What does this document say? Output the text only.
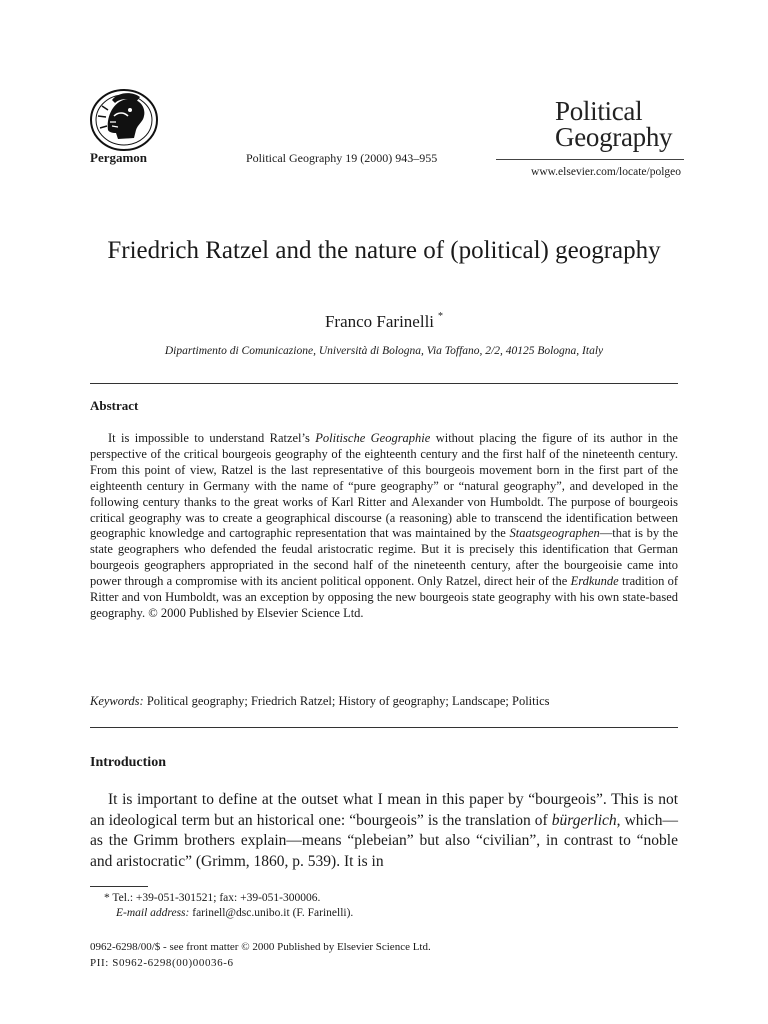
Pergamon	Political Geography 19 (2000) 943–955
Political
Geography
www.elsevier.com/locate/polgeo
Friedrich Ratzel and the nature of (political) geography
Franco Farinelli *
Dipartimento di Comunicazione, Università di Bologna, Via Toffano, 2/2, 40125 Bologna, Italy
Abstract
It is impossible to understand Ratzel’s Politische Geographie without placing the figure of its author in the perspective of the critical bourgeois geography of the eighteenth century and the first half of the nineteenth century. From this point of view, Ratzel is the last representative of this bourgeois movement born in the first part of the eighteenth century in Germany with the name of “pure geography” or “natural geography”, and developed in the following century thanks to the great works of Karl Ritter and Alexander von Humboldt. The purpose of bourgeois critical geography was to create a geographical discourse (a reasoning) able to transcend the identification between geographic knowledge and cartographic representation that was maintained by the Staatsgeographen—that is by the state geographers who defended the feudal aristocratic regime. But it is precisely this identification that German bourgeois geographers appropriated in the second half of the nineteenth century, after the bourgeoisie came into power through a compromise with its ancient political opponent. Only Ratzel, direct heir of the Erdkunde tradition of Ritter and von Humboldt, was an exception by opposing the new bourgeois state geography with his own state-based geography. © 2000 Published by Elsevier Science Ltd.
Keywords: Political geography; Friedrich Ratzel; History of geography; Landscape; Politics
Introduction
It is important to define at the outset what I mean in this paper by “bourgeois”. This is not an ideological term but an historical one: “bourgeois” is the translation of bürgerlich, which—as the Grimm brothers explain—means “plebeian” but also “civilian”, in contrast to “noble and aristocratic” (Grimm, 1860, p. 539). It is in
* Tel.: +39-051-301521; fax: +39-051-300006.
E-mail address: farinell@dsc.unibo.it (F. Farinelli).
0962-6298/00/$ - see front matter © 2000 Published by Elsevier Science Ltd.
PII: S0962-6298(00)00036-6
